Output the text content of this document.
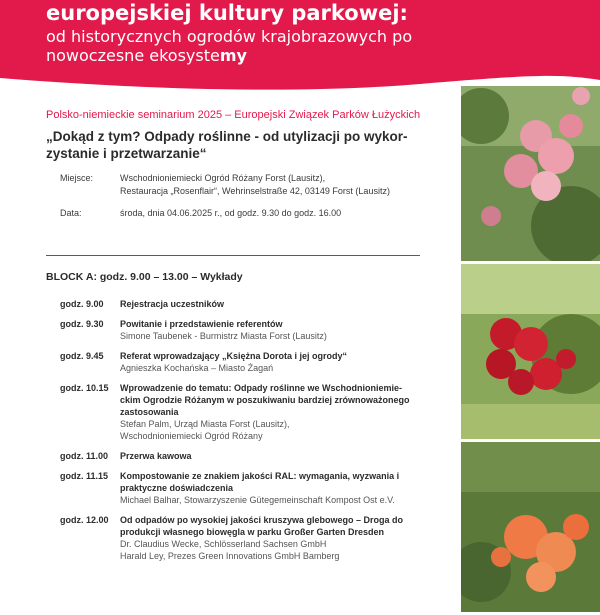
europejskiej kultury parkowej:
od historycznych ogrodów krajobrazowych po nowoczesne ekosystemy
Polsko-niemieckie seminarium 2025 – Europejski Związek Parków Łużyckich
„Dokąd z tym? Odpady roślinne - od utylizacji po wykor-zystanie i przetwarzanie“
Miejsce:	Wschodnioniemiecki Ogród Różany Forst (Lausitz),
Restauracja „Rosenflair“, Wehrinselstraße 42, 03149 Forst (Lausitz)
Data:	środa, dnia 04.06.2025 r., od godz. 9.30 do godz. 16.00
BLOCK A: godz. 9.00 – 13.00 – Wykłady
godz. 9.00	Rejestracja uczestników
godz. 9.30	Powitanie i przedstawienie referentów
Simone Taubenek - Burmistrz Miasta Forst (Lausitz)
godz. 9.45	Referat wprowadzający „Księżna Dorota i jej ogrody“
Agnieszka Kochańska – Miasto Żagań
godz. 10.15	Wprowadzenie do tematu: Odpady roślinne we Wschodnioniemie-ckim Ogrodzie Różanym w poszukiwaniu bardziej zrównoważonego zastosowania
Stefan Palm, Urząd Miasta Forst (Lausitz),
Wschodnioniemiecki Ogród Różany
godz. 11.00	Przerwa kawowa
godz. 11.15	Kompostowanie ze znakiem jakości RAL: wymagania, wyzwania i praktyczne doświadczenia
Michael Balhar, Stowarzyszenie Gütegemeinschaft Kompost Ost e.V.
godz. 12.00	Od odpadów po wysokiej jakości kruszywa glebowego – Droga do produkcji własnego biowęgla w parku Großer Garten Dresden
Dr. Claudius Wecke, Schlösserland Sachsen GmbH
Harald Ley, Prezes Green Innovations GmbH Bamberg
